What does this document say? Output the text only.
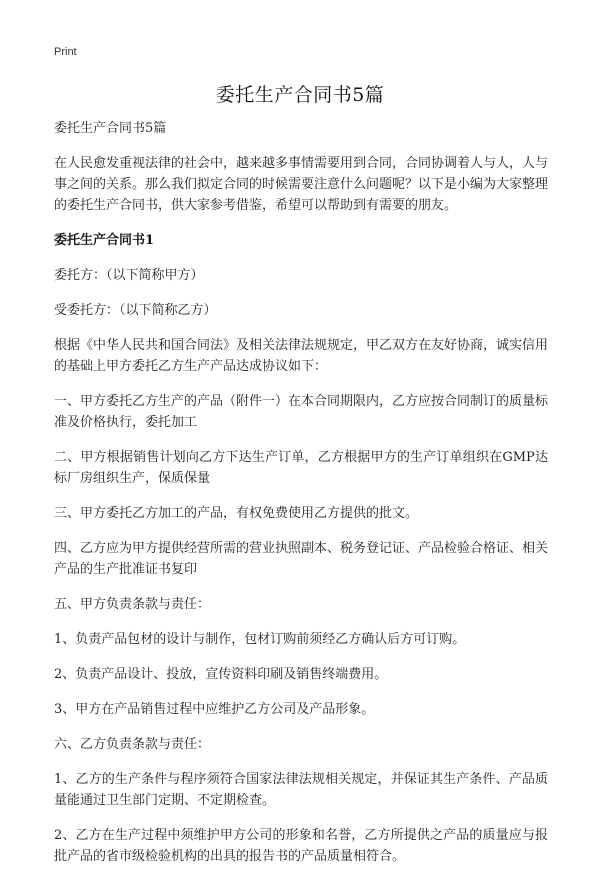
Print
委托生产合同书5篇
委托生产合同书5篇
在人民愈发重视法律的社会中，越来越多事情需要用到合同，合同协调着人与人，人与事之间的关系。那么我们拟定合同的时候需要注意什么问题呢？以下是小编为大家整理的委托生产合同书，供大家参考借鉴，希望可以帮助到有需要的朋友。
委托生产合同书1
委托方：（以下简称甲方）
受委托方：（以下简称乙方）
根据《中华人民共和国合同法》及相关法律法规规定，甲乙双方在友好协商，诚实信用的基础上甲方委托乙方生产产品达成协议如下：
一、甲方委托乙方生产的产品（附件一）在本合同期限内，乙方应按合同制订的质量标准及价格执行，委托加工
二、甲方根据销售计划向乙方下达生产订单，乙方根据甲方的生产订单组织在GMP达标厂房组织生产，保质保量
三、甲方委托乙方加工的产品，有权免费使用乙方提供的批文。
四、乙方应为甲方提供经营所需的营业执照副本、税务登记证、产品检验合格证、相关产品的生产批准证书复印
五、甲方负责条款与责任：
1、负责产品包材的设计与制作，包材订购前须经乙方确认后方可订购。
2、负责产品设计、投放，宣传资料印刷及销售终端费用。
3、甲方在产品销售过程中应维护乙方公司及产品形象。
六、乙方负责条款与责任：
1、乙方的生产条件与程序须符合国家法律法规相关规定，并保证其生产条件、产品质量能通过卫生部门定期、不定期检查。
2、乙方在生产过程中须维护甲方公司的形象和名誉，乙方所提供之产品的质量应与报批产品的省市级检验机构的出具的报告书的产品质量相符合。
